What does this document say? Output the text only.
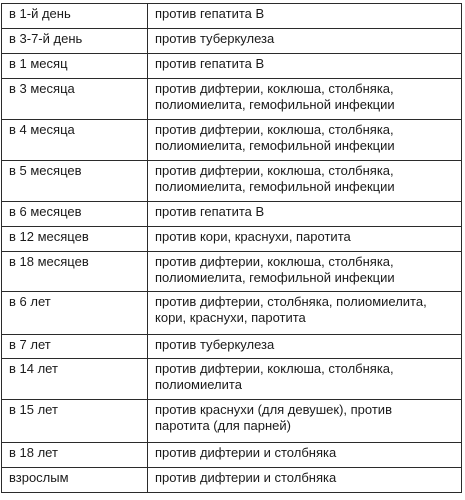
в 1-й день	против гепатита В
в 3-7-й день	против туберкулеза
в 1 месяц	против гепатита В
в 3 месяца	против дифтерии, коклюша, столбняка,
полиомиелита, гемофильной инфекции
в 4 месяца	против дифтерии, коклюша, столбняка,
полиомиелита, гемофильной инфекции
в 5 месяцев	против дифтерии, коклюша, столбняка,
полиомиелита, гемофильной инфекции
в 6 месяцев	против гепатита В
в 12 месяцев	против кори, краснухи, паротита
в 18 месяцев	против дифтерии, коклюша, столбняка,
полиомиелита, гемофильной инфекции
в 6 лет	против дифтерии, столбняка, полиомиелита,
кори, краснухи, паротита
в 7 лет	против туберкулеза
в 14 лет	против дифтерии, коклюша, столбняка,
полиомиелита
в 15 лет	против краснухи (для девушек), против
паротита (для парней)
в 18 лет	против дифтерии и столбняка
взрослым	против дифтерии и столбняка
